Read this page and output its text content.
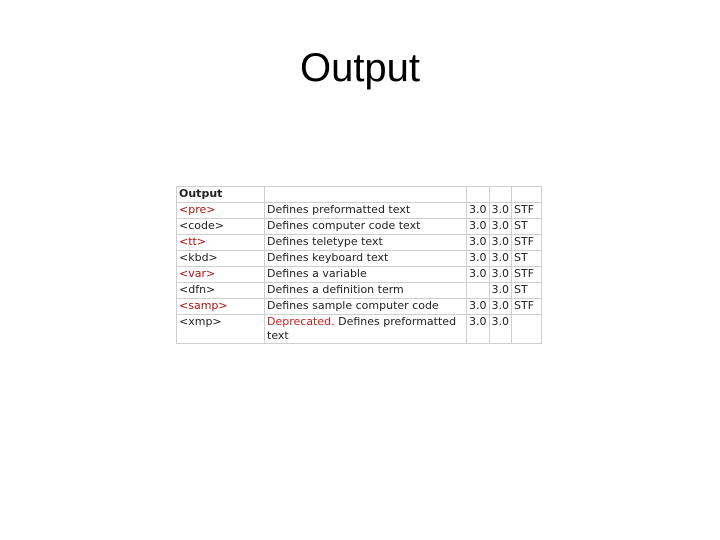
Output
Output				
<pre>	Defines preformatted text	3.0	3.0	STF
<code>	Defines computer code text	3.0	3.0	ST
<tt>	Defines teletype text	3.0	3.0	STF
<kbd>	Defines keyboard text	3.0	3.0	ST
<var>	Defines a variable	3.0	3.0	STF
<dfn>	Defines a definition term		3.0	ST
<samp>	Defines sample computer code	3.0	3.0	STF
<xmp>	Deprecated. Defines preformatted text	3.0	3.0	
